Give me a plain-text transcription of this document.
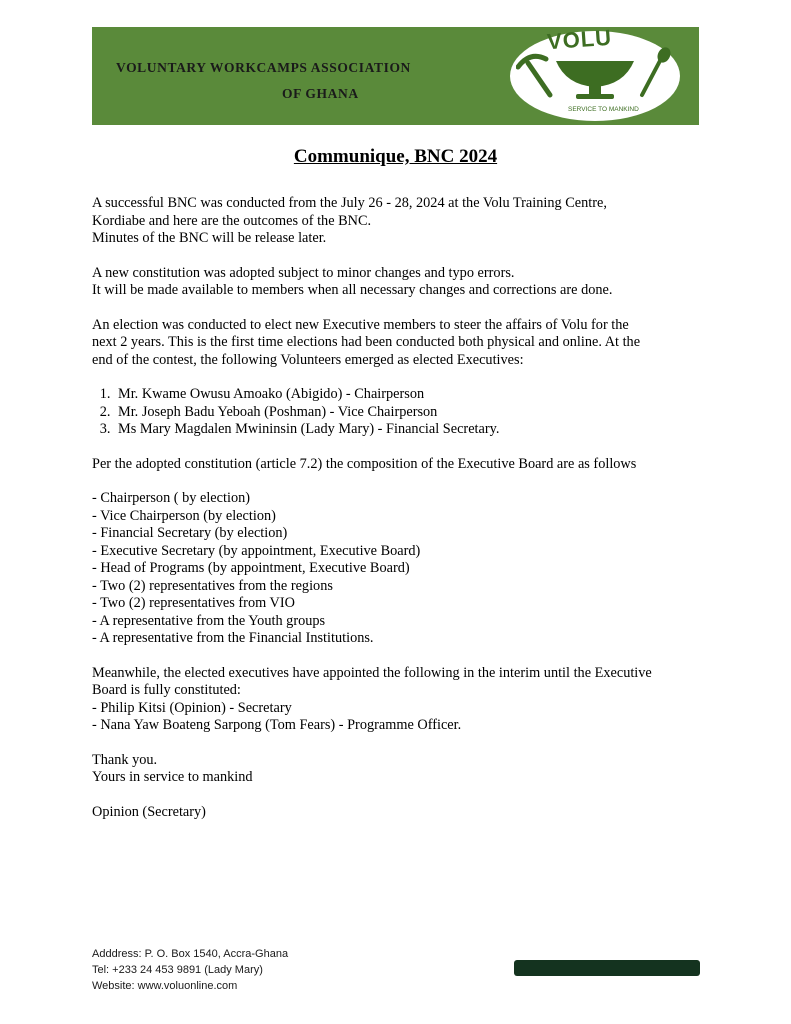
VOLUNTARY WORKCAMPS ASSOCIATION
OF GHANA
VOLU
SERVICE TO MANKIND
Communique, BNC 2024

A successful BNC was conducted from the July 26 - 28, 2024 at the Volu Training Centre,

Kordiabe and here are the outcomes of the BNC.

Minutes of the BNC will be release later.

A new constitution was adopted subject to minor changes and typo errors.

It will be made available to members when all necessary changes and corrections are done.

An election was conducted to elect new Executive members to steer the affairs of Volu for the

next 2 years. This is the first time elections had been conducted both physical and online. At the

end of the contest, the following Volunteers emerged as elected Executives:

1. Mr. Kwame Owusu Amoako (Abigido) - Chairperson
2. Mr. Joseph Badu Yeboah (Poshman) - Vice Chairperson
3. Ms Mary Magdalen Mwininsin (Lady Mary) - Financial Secretary.

Per the adopted constitution (article 7.2) the composition of the Executive Board are as follows

- Chairperson ( by election)

- Vice Chairperson (by election)

- Financial Secretary (by election)

- Executive Secretary (by appointment, Executive Board)

- Head of Programs (by appointment, Executive Board)

- Two (2) representatives from the regions

- Two (2) representatives from VIO

- A representative from the Youth groups

- A representative from the Financial Institutions.

Meanwhile, the elected executives have appointed the following in the interim until the Executive

Board is fully constituted:

- Philip Kitsi (Opinion) - Secretary

- Nana Yaw Boateng Sarpong (Tom Fears) - Programme Officer.

Thank you.

Yours in service to mankind

Opinion (Secretary)

Adddress: P. O. Box 1540, Accra-Ghana
Tel: +233 24 453 9891 (Lady Mary)
Website: www.voluonline.com
